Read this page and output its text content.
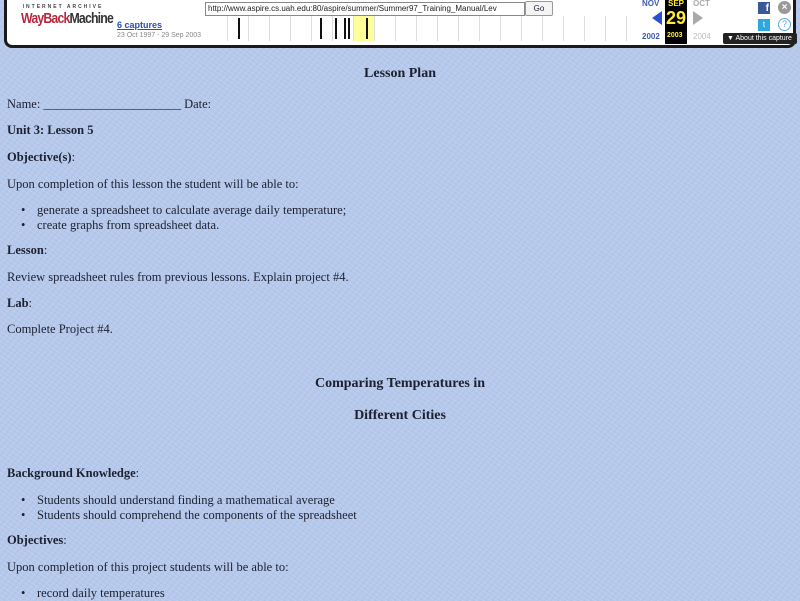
INTERNET ARCHIVE
WayBack Machine 6 captures
23 Oct 1997 - 29 Sep 2003
http://www.aspire.cs.uah.edu:80/aspire/summer/Summer97_Training_Manual/Lev	Go
NOV SEP OCT
29
2002 2003 2004
f	×
t	?
▼ About this capture
Lesson Plan

Name: ______________________ Date:

Unit 3: Lesson 5

Objective(s):

Upon completion of this lesson the student will be able to:

• generate a spreadsheet to calculate average daily temperature;
• create graphs from spreadsheet data.

Lesson:

Review spreadsheet rules from previous lessons. Explain project #4.

Lab:

Complete Project #4.

Comparing Temperatures in
Different Cities

Background Knowledge:

• Students should understand finding a mathematical average
• Students should comprehend the components of the spreadsheet

Objectives:

Upon completion of this project students will be able to:

• record daily temperatures
